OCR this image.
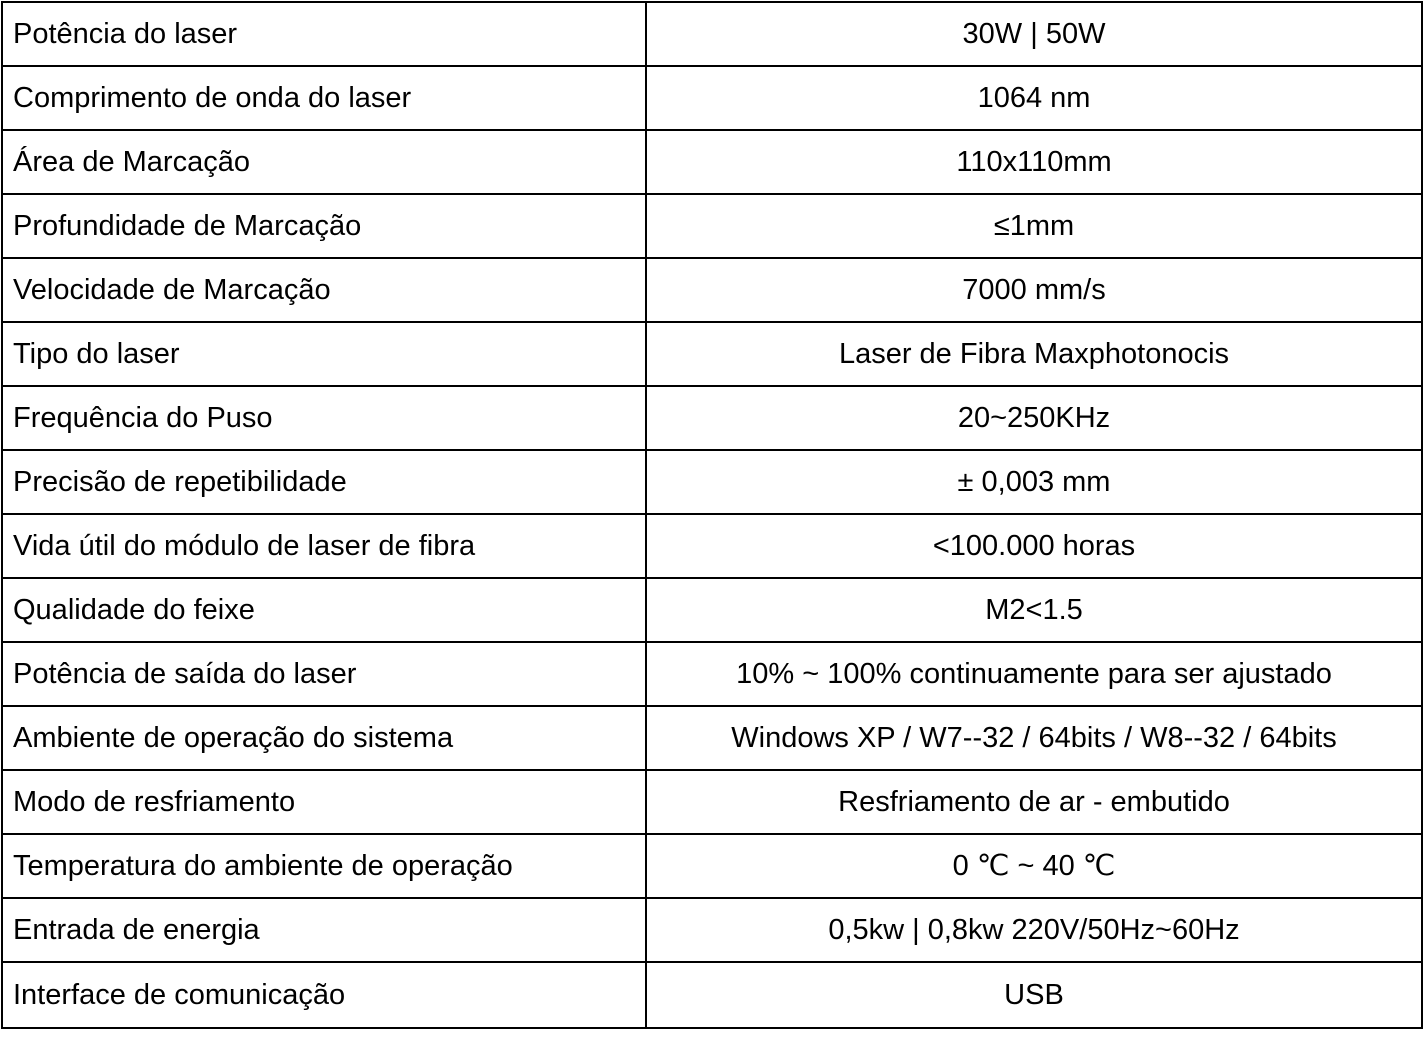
Potência do laser	30W | 50W
Comprimento de onda do laser	1064 nm
Área de Marcação	110x110mm
Profundidade de Marcação	≤1mm
Velocidade de Marcação	7000 mm/s
Tipo do laser	Laser de Fibra Maxphotonocis
Frequência do Puso	20~250KHz
Precisão de repetibilidade	± 0,003 mm
Vida útil do módulo de laser de fibra	<100.000 horas
Qualidade do feixe	M2<1.5
Potência de saída do laser	10% ~ 100% continuamente para ser ajustado
Ambiente de operação do sistema	Windows XP / W7--32 / 64bits / W8--32 / 64bits
Modo de resfriamento	Resfriamento de ar - embutido
Temperatura do ambiente de operação	0 ℃ ~ 40 ℃
Entrada de energia	0,5kw | 0,8kw 220V/50Hz~60Hz
Interface de comunicação	USB
